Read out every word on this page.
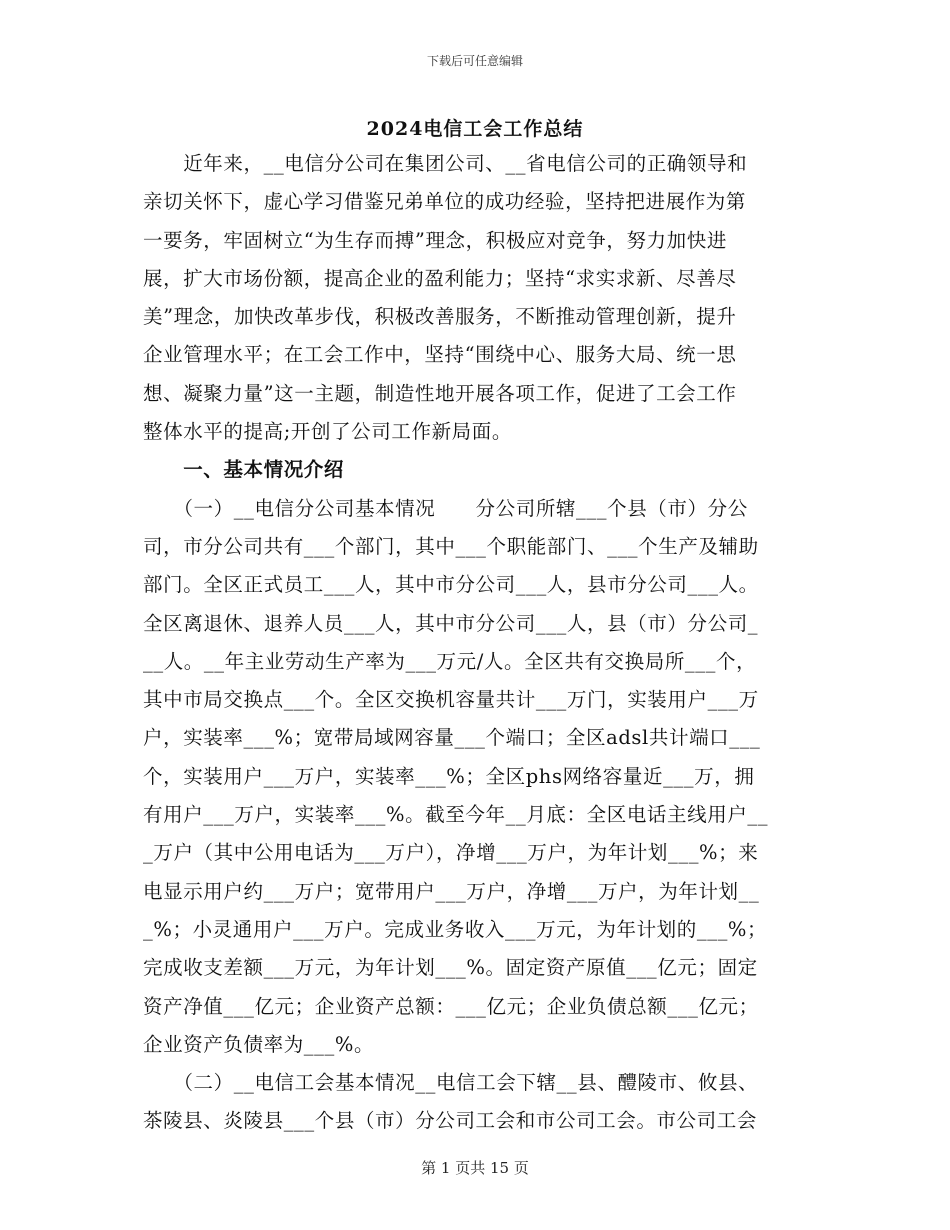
下载后可任意编辑
2024电信工会工作总结
　　近年来，__电信分公司在集团公司、__省电信公司的正确领导和
亲切关怀下，虚心学习借鉴兄弟单位的成功经验，坚持把进展作为第
一要务，牢固树立“为生存而搏”理念，积极应对竞争，努力加快进
展，扩大市场份额，提高企业的盈利能力；坚持“求实求新、尽善尽
美”理念，加快改革步伐，积极改善服务，不断推动管理创新，提升
企业管理水平；在工会工作中，坚持“围绕中心、服务大局、统一思
想、凝聚力量”这一主题，制造性地开展各项工作，促进了工会工作
整体水平的提高;开创了公司工作新局面。
　　一、基本情况介绍
　　（一）__电信分公司基本情况　　分公司所辖___个县（市）分公
司，市分公司共有___个部门，其中___个职能部门、___个生产及辅助
部门。全区正式员工___人，其中市分公司___人，县市分公司___人。
全区离退休、退养人员___人，其中市分公司___人，县（市）分公司_
__人。__年主业劳动生产率为___万元/人。全区共有交换局所___个，
其中市局交换点___个。全区交换机容量共计___万门，实装用户___万
户，实装率___%；宽带局域网容量___个端口；全区adsl共计端口___
个，实装用户___万户，实装率___%；全区phs网络容量近___万，拥
有用户___万户，实装率___%。截至今年__月底：全区电话主线用户__
_万户（其中公用电话为___万户），净增___万户，为年计划___%；来
电显示用户约___万户；宽带用户___万户，净增___万户，为年计划__
_%；小灵通用户___万户。完成业务收入___万元，为年计划的___%；
完成收支差额___万元，为年计划___%。固定资产原值___亿元；固定
资产净值___亿元；企业资产总额：___亿元；企业负债总额___亿元；
企业资产负债率为___%。
　　（二）__电信工会基本情况__电信工会下辖__县、醴陵市、攸县、
茶陵县、炎陵县___个县（市）分公司工会和市公司工会。市公司工会
第 1 页共 15 页
